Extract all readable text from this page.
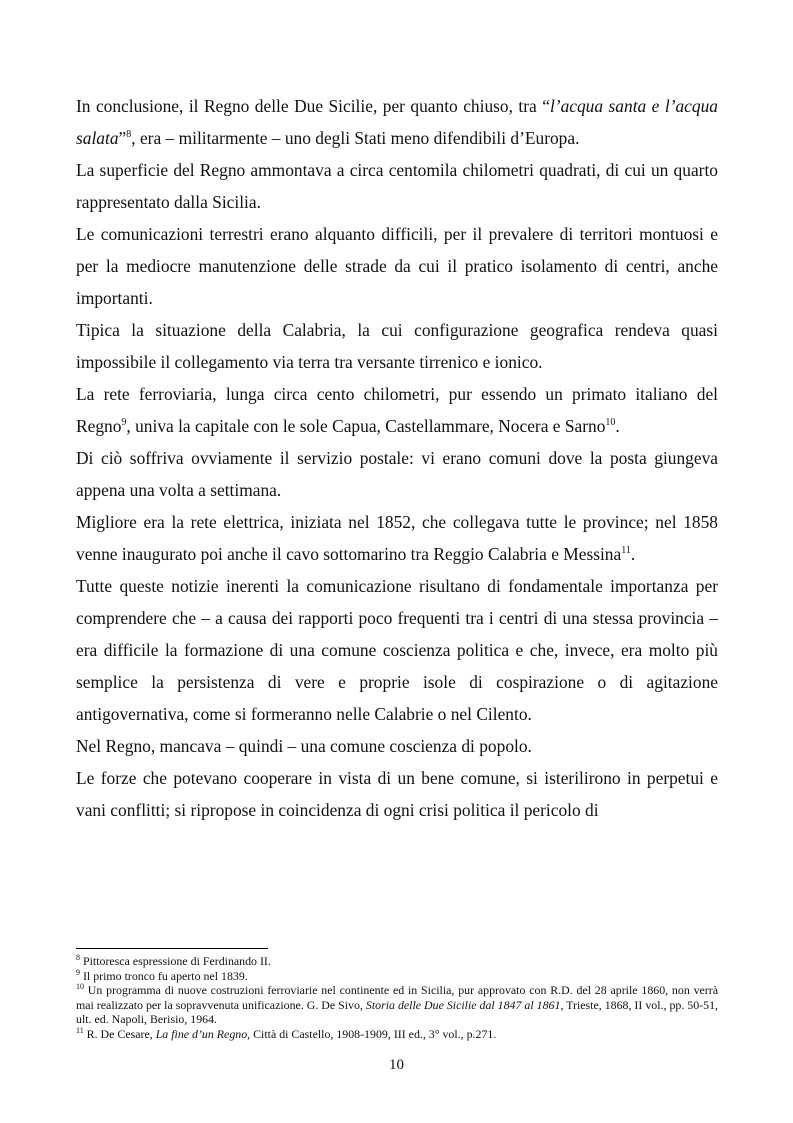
In conclusione, il Regno delle Due Sicilie, per quanto chiuso, tra “l’acqua santa e l’acqua salata”$^8$, era – militarmente – uno degli Stati meno difendibili d’Europa.

La superficie del Regno ammontava a circa centomila chilometri quadrati, di cui un quarto rappresentato dalla Sicilia.

Le comunicazioni terrestri erano alquanto difficili, per il prevalere di territori montuosi e per la mediocre manutenzione delle strade da cui il pratico isolamento di centri, anche importanti.

Tipica la situazione della Calabria, la cui configurazione geografica rendeva quasi impossibile il collegamento via terra tra versante tirrenico e ionico.

La rete ferroviaria, lunga circa cento chilometri, pur essendo un primato italiano del Regno$^9$, univa la capitale con le sole Capua, Castellammare, Nocera e Sarno$^{10}$.

Di ciò soffriva ovviamente il servizio postale: vi erano comuni dove la posta giungeva appena una volta a settimana.

Migliore era la rete elettrica, iniziata nel 1852, che collegava tutte le province; nel 1858 venne inaugurato poi anche il cavo sottomarino tra Reggio Calabria e Messina$^{11}$.

Tutte queste notizie inerenti la comunicazione risultano di fondamentale importanza per comprendere che – a causa dei rapporti poco frequenti tra i centri di una stessa provincia – era difficile la formazione di una comune coscienza politica e che, invece, era molto più semplice la persistenza di vere e proprie isole di cospirazione o di agitazione antigovernativa, come si formeranno nelle Calabrie o nel Cilento.

Nel Regno, mancava – quindi – una comune coscienza di popolo.

Le forze che potevano cooperare in vista di un bene comune, si isterilirono in perpetui e vani conflitti; si ripropose in coincidenza di ogni crisi politica il pericolo di

$^8$ Pittoresca espressione di Ferdinando II.

$^9$ Il primo tronco fu aperto nel 1839.

$^{10}$ Un programma di nuove costruzioni ferroviarie nel continente ed in Sicilia, pur approvato con R.D. del 28 aprile 1860, non verrà mai realizzato per la sopravvenuta unificazione. G. De Sivo, Storia delle Due Sicilie dal 1847 al 1861, Trieste, 1868, II vol., pp. 50-51, ult. ed. Napoli, Berisio, 1964.

$^{11}$ R. De Cesare, La fine d’un Regno, Città di Castello, 1908-1909, III ed., 3° vol., p.271.

10
